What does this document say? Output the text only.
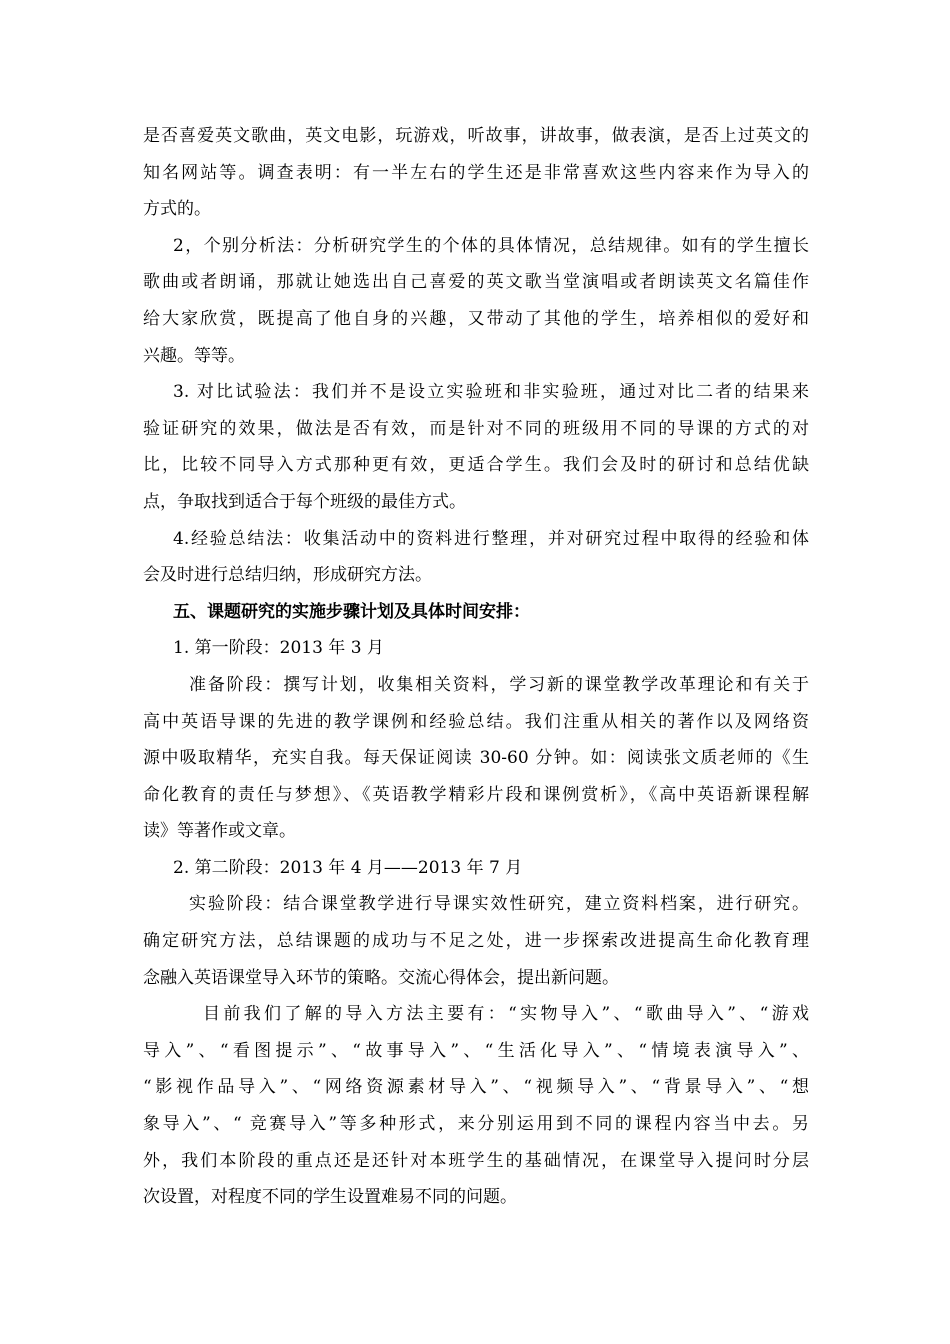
是否喜爱英文歌曲，英文电影，玩游戏，听故事，讲故事，做表演，是否上过英文的
知名网站等。调查表明：有一半左右的学生还是非常喜欢这些内容来作为导入的
方式的。
2，个别分析法：分析研究学生的个体的具体情况，总结规律。如有的学生擅长
歌曲或者朗诵，那就让她选出自己喜爱的英文歌当堂演唱或者朗读英文名篇佳作
给大家欣赏，既提高了他自身的兴趣，又带动了其他的学生，培养相似的爱好和
兴趣。等等。
3. 对比试验法：我们并不是设立实验班和非实验班，通过对比二者的结果来
验证研究的效果，做法是否有效，而是针对不同的班级用不同的导课的方式的对
比，比较不同导入方式那种更有效，更适合学生。我们会及时的研讨和总结优缺
点，争取找到适合于每个班级的最佳方式。
4.经验总结法：收集活动中的资料进行整理，并对研究过程中取得的经验和体
会及时进行总结归纳，形成研究方法。
五、课题研究的实施步骤计划及具体时间安排：
1. 第一阶段：2013 年 3 月
准备阶段：撰写计划，收集相关资料，学习新的课堂教学改革理论和有关于
高中英语导课的先进的教学课例和经验总结。我们注重从相关的著作以及网络资
源中吸取精华，充实自我。每天保证阅读 30-60 分钟。如：阅读张文质老师的《生
命化教育的责任与梦想》、《英语教学精彩片段和课例赏析》，《高中英语新课程解
读》等著作或文章。
2. 第二阶段：2013 年 4 月——2013 年 7 月
实验阶段：结合课堂教学进行导课实效性研究，建立资料档案，进行研究。
确定研究方法，总结课题的成功与不足之处，进一步探索改进提高生命化教育理
念融入英语课堂导入环节的策略。交流心得体会，提出新问题。
目前我们了解的导入方法主要有：“实物导入”、“歌曲导入”、“游戏
导入”、“看图提示”、“故事导入”、“生活化导入”、“情境表演导入”、
“影视作品导入”、“网络资源素材导入”、“视频导入”、“背景导入”、“想
象导入”、“ 竞赛导入”等多种形式，来分别运用到不同的课程内容当中去。另
外，我们本阶段的重点还是还针对本班学生的基础情况，在课堂导入提问时分层
次设置，对程度不同的学生设置难易不同的问题。
